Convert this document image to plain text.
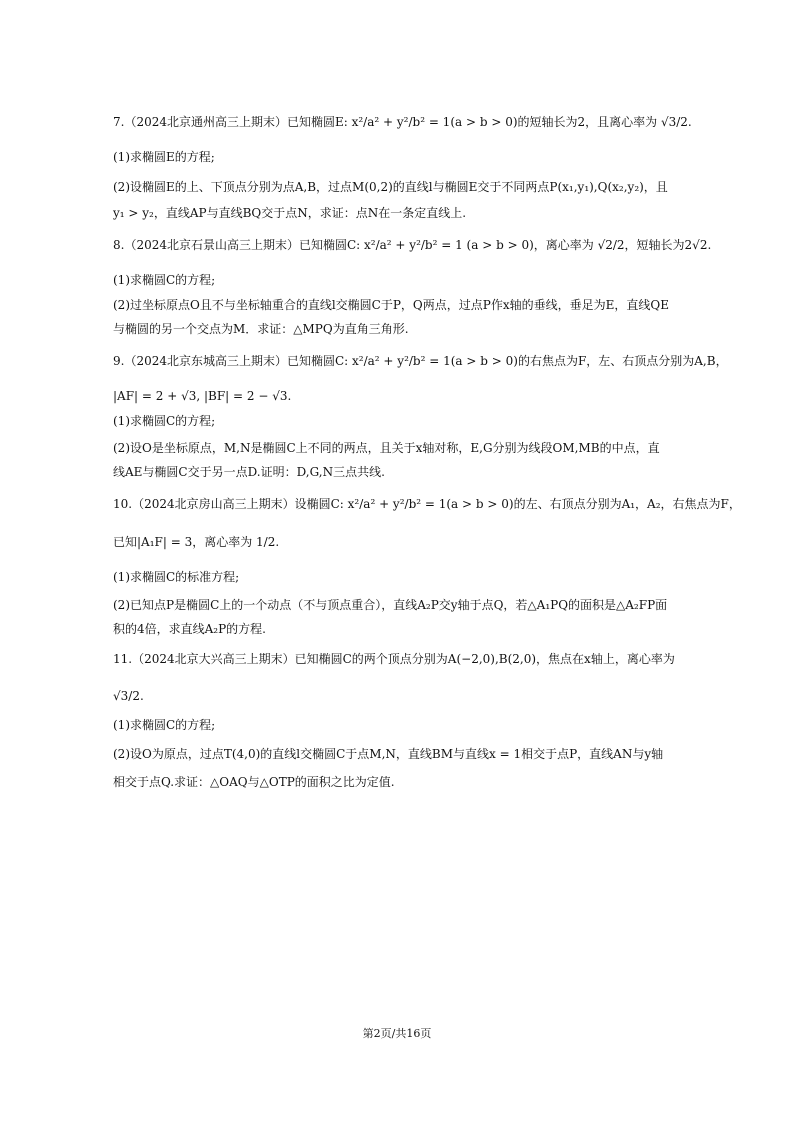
7.（2024北京通州高三上期末）已知椭圆E: x²/a² + y²/b² = 1(a > b > 0)的短轴长为2，且离心率为 √3/2.
(1)求椭圆E的方程;
(2)设椭圆E的上、下顶点分别为点A,B，过点M(0,2)的直线l与椭圆E交于不同两点P(x₁,y₁),Q(x₂,y₂)，且
y₁ > y₂，直线AP与直线BQ交于点N，求证：点N在一条定直线上.
8.（2024北京石景山高三上期末）已知椭圆C: x²/a² + y²/b² = 1 (a > b > 0)，离心率为 √2/2，短轴长为2√2.
(1)求椭圆C的方程;
(2)过坐标原点O且不与坐标轴重合的直线l交椭圆C于P，Q两点，过点P作x轴的垂线，垂足为E，直线QE
与椭圆的另一个交点为M．求证：△MPQ为直角三角形.
9.（2024北京东城高三上期末）已知椭圆C: x²/a² + y²/b² = 1(a > b > 0)的右焦点为F，左、右顶点分别为A,B，
|AF| = 2 + √3, |BF| = 2 − √3.
(1)求椭圆C的方程;
(2)设O是坐标原点，M,N是椭圆C上不同的两点，且关于x轴对称，E,G分别为线段OM,MB的中点，直
线AE与椭圆C交于另一点D.证明：D,G,N三点共线.
10.（2024北京房山高三上期末）设椭圆C: x²/a² + y²/b² = 1(a > b > 0)的左、右顶点分别为A₁，A₂，右焦点为F，
已知|A₁F| = 3，离心率为 1/2.
(1)求椭圆C的标准方程;
(2)已知点P是椭圆C上的一个动点（不与顶点重合），直线A₂P交y轴于点Q，若△A₁PQ的面积是△A₂FP面
积的4倍，求直线A₂P的方程.
11.（2024北京大兴高三上期末）已知椭圆C的两个顶点分别为A(−2,0),B(2,0)，焦点在x轴上，离心率为
√3/2.
(1)求椭圆C的方程;
(2)设O为原点，过点T(4,0)的直线l交椭圆C于点M,N，直线BM与直线x = 1相交于点P，直线AN与y轴
相交于点Q.求证：△OAQ与△OTP的面积之比为定值.
第2页/共16页
